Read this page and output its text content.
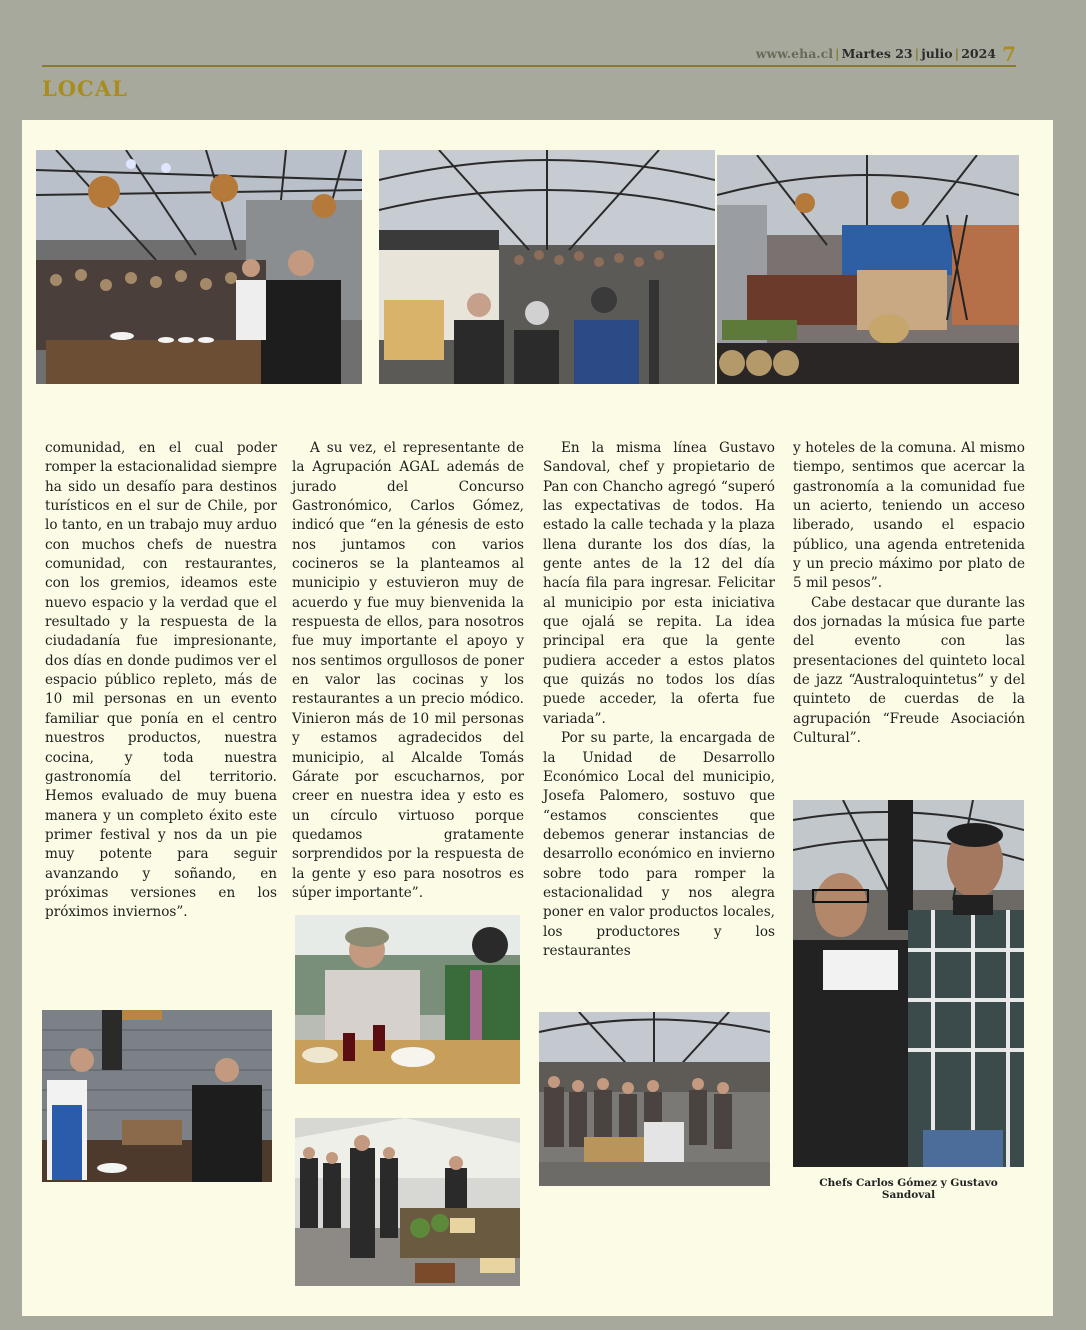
www.eha.cl | Martes 23 | julio | 2024 7
LOCAL

comunidad, en el cual poder romper la estacionalidad siempre ha sido un desafío para destinos turísticos en el sur de Chile, por lo tanto, en un trabajo muy arduo con muchos chefs de nuestra comunidad, con restaurantes, con los gremios, ideamos este nuevo espacio y la verdad que el resultado y la respuesta de la ciudadanía fue impresionante, dos días en donde pudimos ver el espacio público repleto, más de 10 mil personas en un evento familiar que ponía en el centro nuestros productos, nuestra cocina, y toda nuestra gastronomía del territorio. Hemos evaluado de muy buena manera y un completo éxito este primer festival y nos da un pie muy potente para seguir avanzando y soñando, en próximas versiones en los próximos inviernos”.

A su vez, el representante de la Agrupación AGAL además de jurado del Concurso Gastronómico, Carlos Gómez, indicó que “en la génesis de esto nos juntamos con varios cocineros se la planteamos al municipio y estuvieron muy de acuerdo y fue muy bienvenida la respuesta de ellos, para nosotros fue muy importante el apoyo y nos sentimos orgullosos de poner en valor las cocinas y los restaurantes a un precio módico. Vinieron más de 10 mil personas y estamos agradecidos del municipio, al Alcalde Tomás Gárate por escucharnos, por creer en nuestra idea y esto es un círculo virtuoso porque quedamos gratamente sorprendidos por la respuesta de la gente y eso para nosotros es súper importante”.

En la misma línea Gustavo Sandoval, chef y propietario de Pan con Chancho agregó “superó las expectativas de todos. Ha estado la calle techada y la plaza llena durante los dos días, la gente antes de la 12 del día hacía fila para ingresar. Felicitar al municipio por esta iniciativa que ojalá se repita. La idea principal era que la gente pudiera acceder a estos platos que quizás no todos los días puede acceder, la oferta fue variada”.

Por su parte, la encargada de la Unidad de Desarrollo Económico Local del municipio, Josefa Palomero, sostuvo que “estamos conscientes que debemos generar instancias de desarrollo económico en invierno sobre todo para romper la estacionalidad y nos alegra poner en valor productos locales, los productores y los restaurantes

y hoteles de la comuna. Al mismo tiempo, sentimos que acercar la gastronomía a la comunidad fue un acierto, teniendo un acceso liberado, usando el espacio público, una agenda entretenida y un precio máximo por plato de 5 mil pesos”.

Cabe destacar que durante las dos jornadas la música fue parte del evento con las presentaciones del quinteto local de jazz “Australoquintetus” y del quinteto de cuerdas de la agrupación “Freude Asociación Cultural”.

Chefs Carlos Gómez y Gustavo Sandoval
